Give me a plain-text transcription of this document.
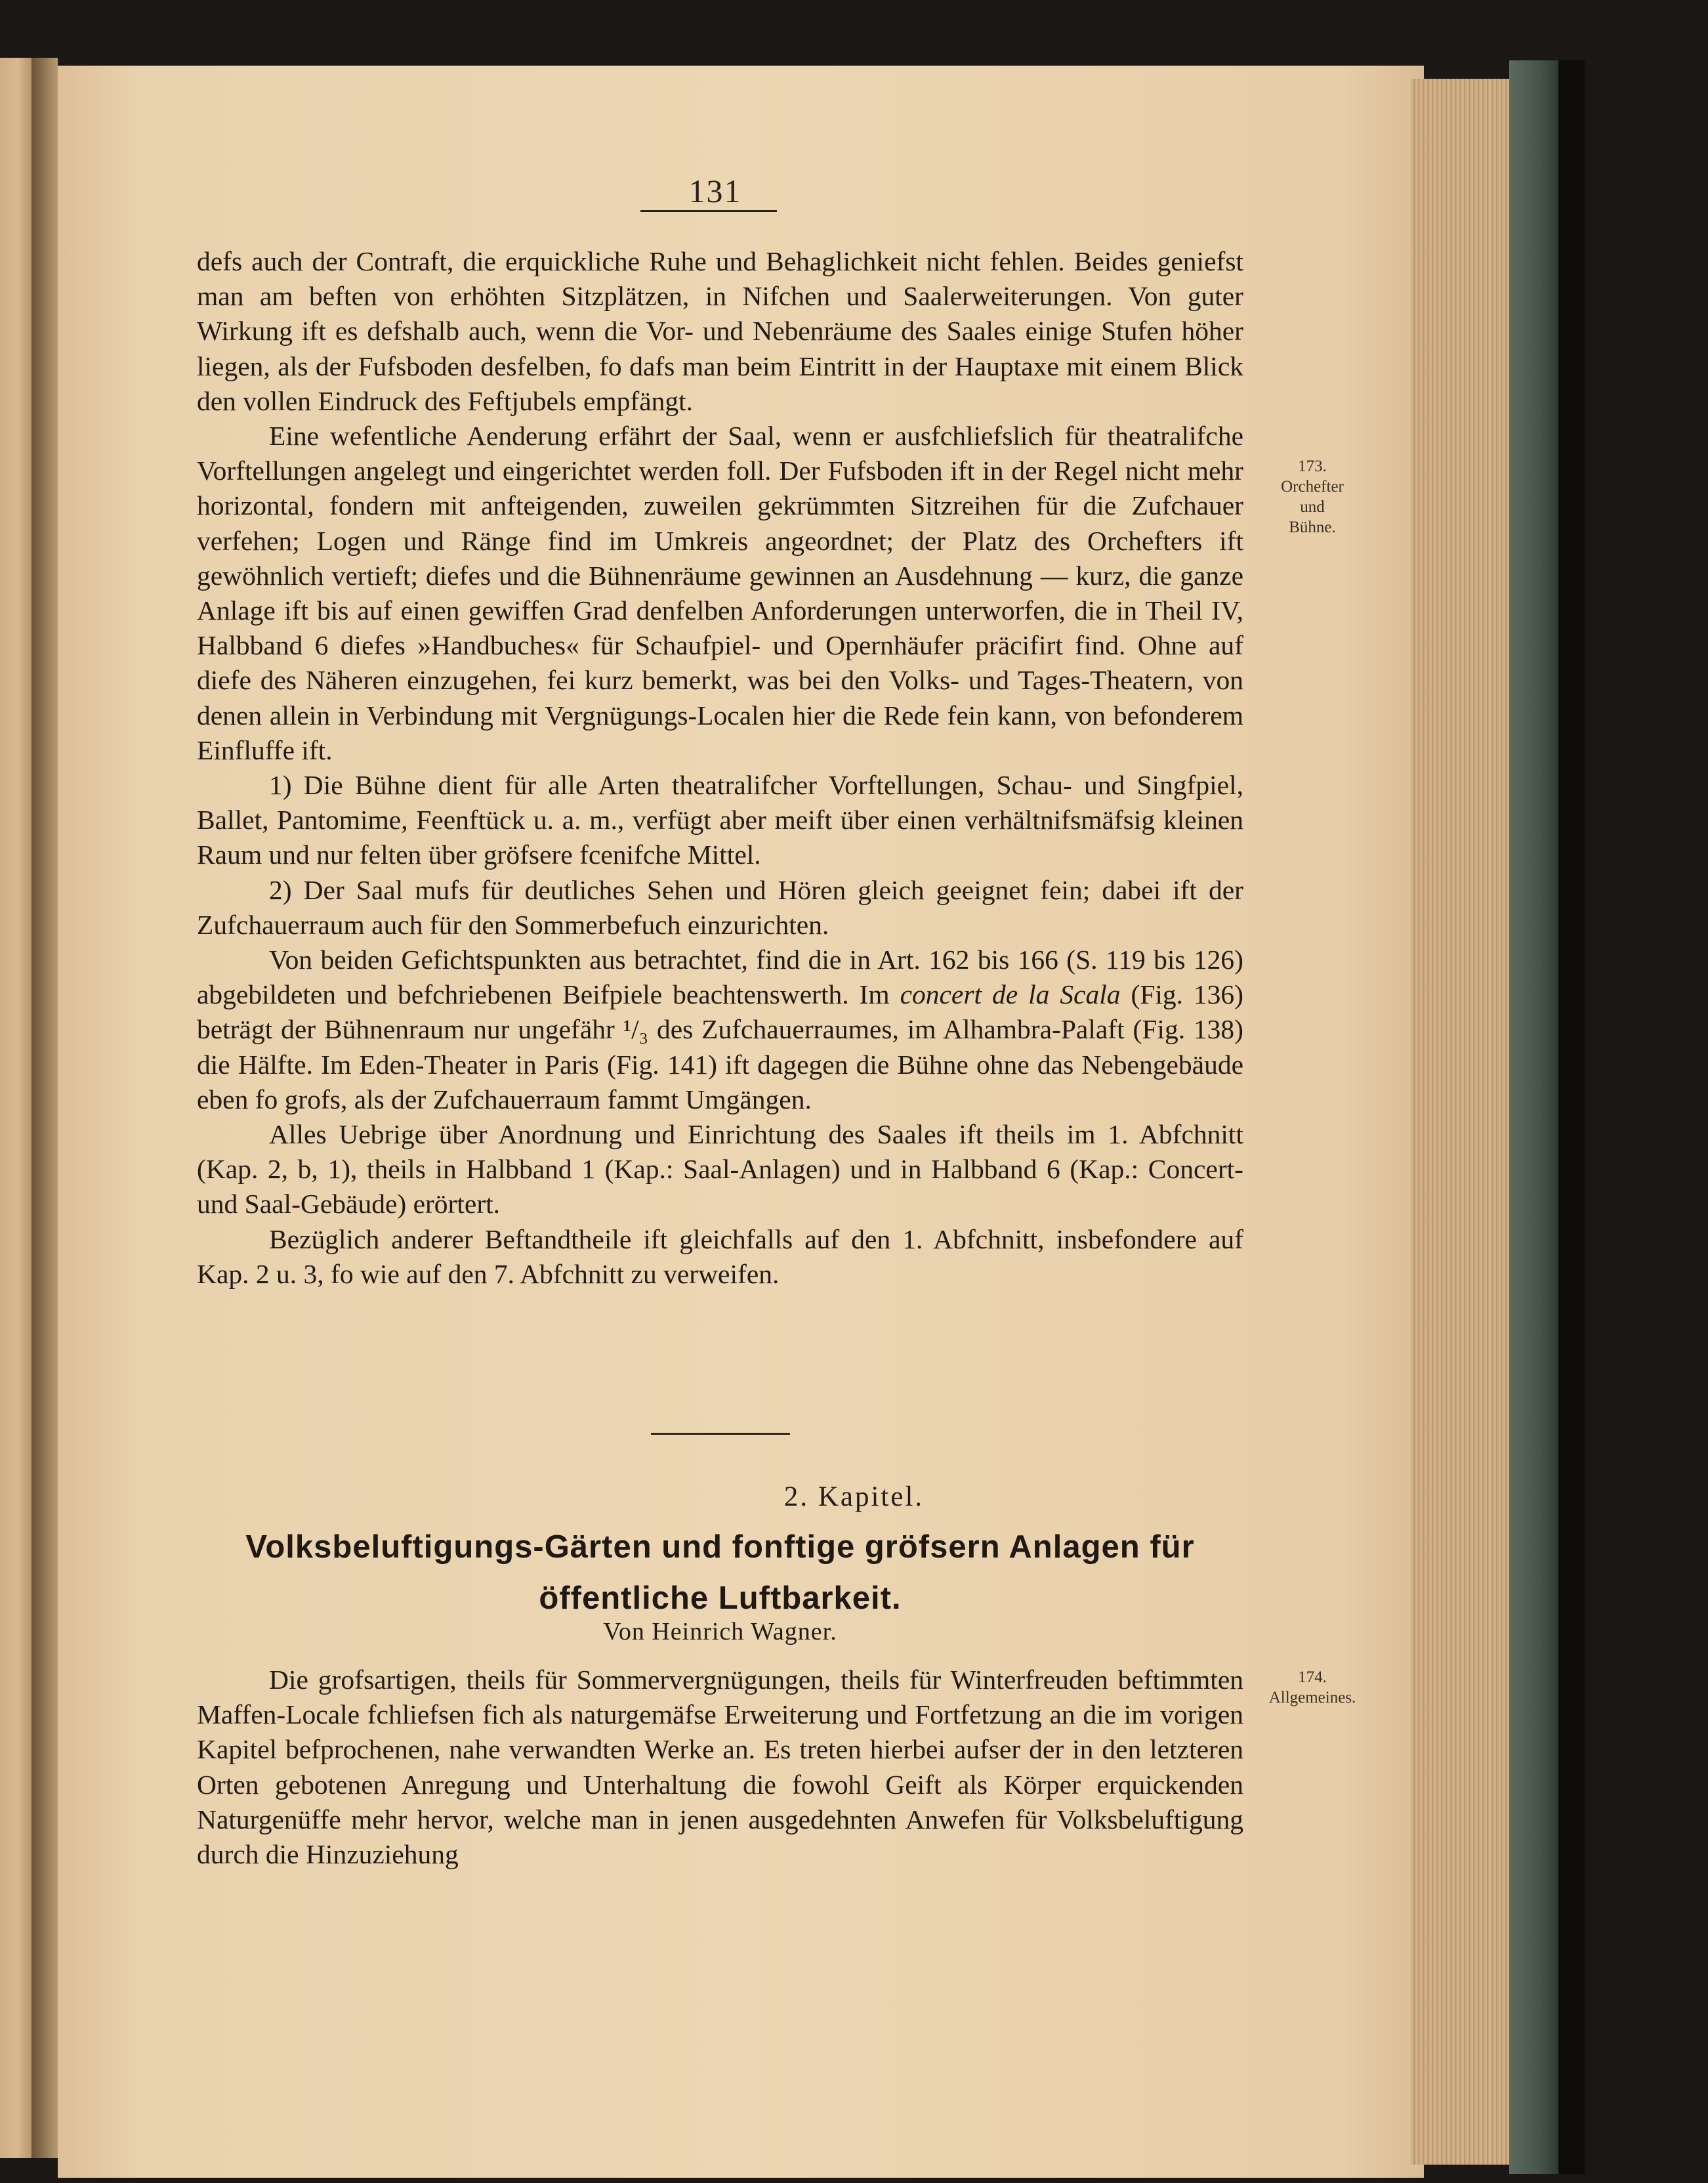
131

defs auch der Contraft, die erquickliche Ruhe und Behaglichkeit nicht fehlen. Beides geniefst man am beften von erhöhten Sitzplätzen, in Nifchen und Saalerweiterungen. Von guter Wirkung ift es defshalb auch, wenn die Vor- und Nebenräume des Saales einige Stufen höher liegen, als der Fufsboden desfelben, fo dafs man beim Eintritt in der Hauptaxe mit einem Blick den vollen Eindruck des Feftjubels empfängt.

Eine wefentliche Aenderung erfährt der Saal, wenn er ausfchliefslich für theatralifche Vorftellungen angelegt und eingerichtet werden foll. Der Fufsboden ift in der Regel nicht mehr horizontal, fondern mit anfteigenden, zuweilen gekrümmten Sitzreihen für die Zufchauer verfehen; Logen und Ränge find im Umkreis angeordnet; der Platz des Orchefters ift gewöhnlich vertieft; diefes und die Bühnenräume gewinnen an Ausdehnung — kurz, die ganze Anlage ift bis auf einen gewiffen Grad denfelben Anforderungen unterworfen, die in Theil IV, Halbband 6 diefes »Handbuches« für Schaufpiel- und Opernhäufer präcifirt find. Ohne auf diefe des Näheren einzugehen, fei kurz bemerkt, was bei den Volks- und Tages-Theatern, von denen allein in Verbindung mit Vergnügungs-Localen hier die Rede fein kann, von befonderem Einfluffe ift.

1) Die Bühne dient für alle Arten theatralifcher Vorftellungen, Schau- und Singfpiel, Ballet, Pantomime, Feenftück u. a. m., verfügt aber meift über einen verhältnifsmäfsig kleinen Raum und nur felten über gröfsere fcenifche Mittel.

2) Der Saal mufs für deutliches Sehen und Hören gleich geeignet fein; dabei ift der Zufchauerraum auch für den Sommerbefuch einzurichten.

Von beiden Gefichtspunkten aus betrachtet, find die in Art. 162 bis 166 (S. 119 bis 126) abgebildeten und befchriebenen Beifpiele beachtenswerth. Im concert de la Scala (Fig. 136) beträgt der Bühnenraum nur ungefähr ¹/₃ des Zufchauerraumes, im Alhambra-Palaft (Fig. 138) die Hälfte. Im Eden-Theater in Paris (Fig. 141) ift dagegen die Bühne ohne das Nebengebäude eben fo grofs, als der Zufchauerraum fammt Umgängen.

Alles Uebrige über Anordnung und Einrichtung des Saales ift theils im 1. Abfchnitt (Kap. 2, b, 1), theils in Halbband 1 (Kap.: Saal-Anlagen) und in Halbband 6 (Kap.: Concert- und Saal-Gebäude) erörtert.

Bezüglich anderer Beftandtheile ift gleichfalls auf den 1. Abfchnitt, insbefondere auf Kap. 2 u. 3, fo wie auf den 7. Abfchnitt zu verweifen.

173.
Orchefter
und
Bühne.
2. Kapitel.
Volksbeluftigungs-Gärten und fonftige gröfsern Anlagen für
öffentliche Luftbarkeit.
Von Heinrich Wagner.
174.
Allgemeines.

Die grofsartigen, theils für Sommervergnügungen, theils für Winterfreuden beftimmten Maffen-Locale fchliefsen fich als naturgemäfse Erweiterung und Fortfetzung an die im vorigen Kapitel befprochenen, nahe verwandten Werke an. Es treten hierbei aufser der in den letzteren Orten gebotenen Anregung und Unterhaltung die fowohl Geift als Körper erquickenden Naturgenüffe mehr hervor, welche man in jenen ausgedehnten Anwefen für Volksbeluftigung durch die Hinzuziehung
